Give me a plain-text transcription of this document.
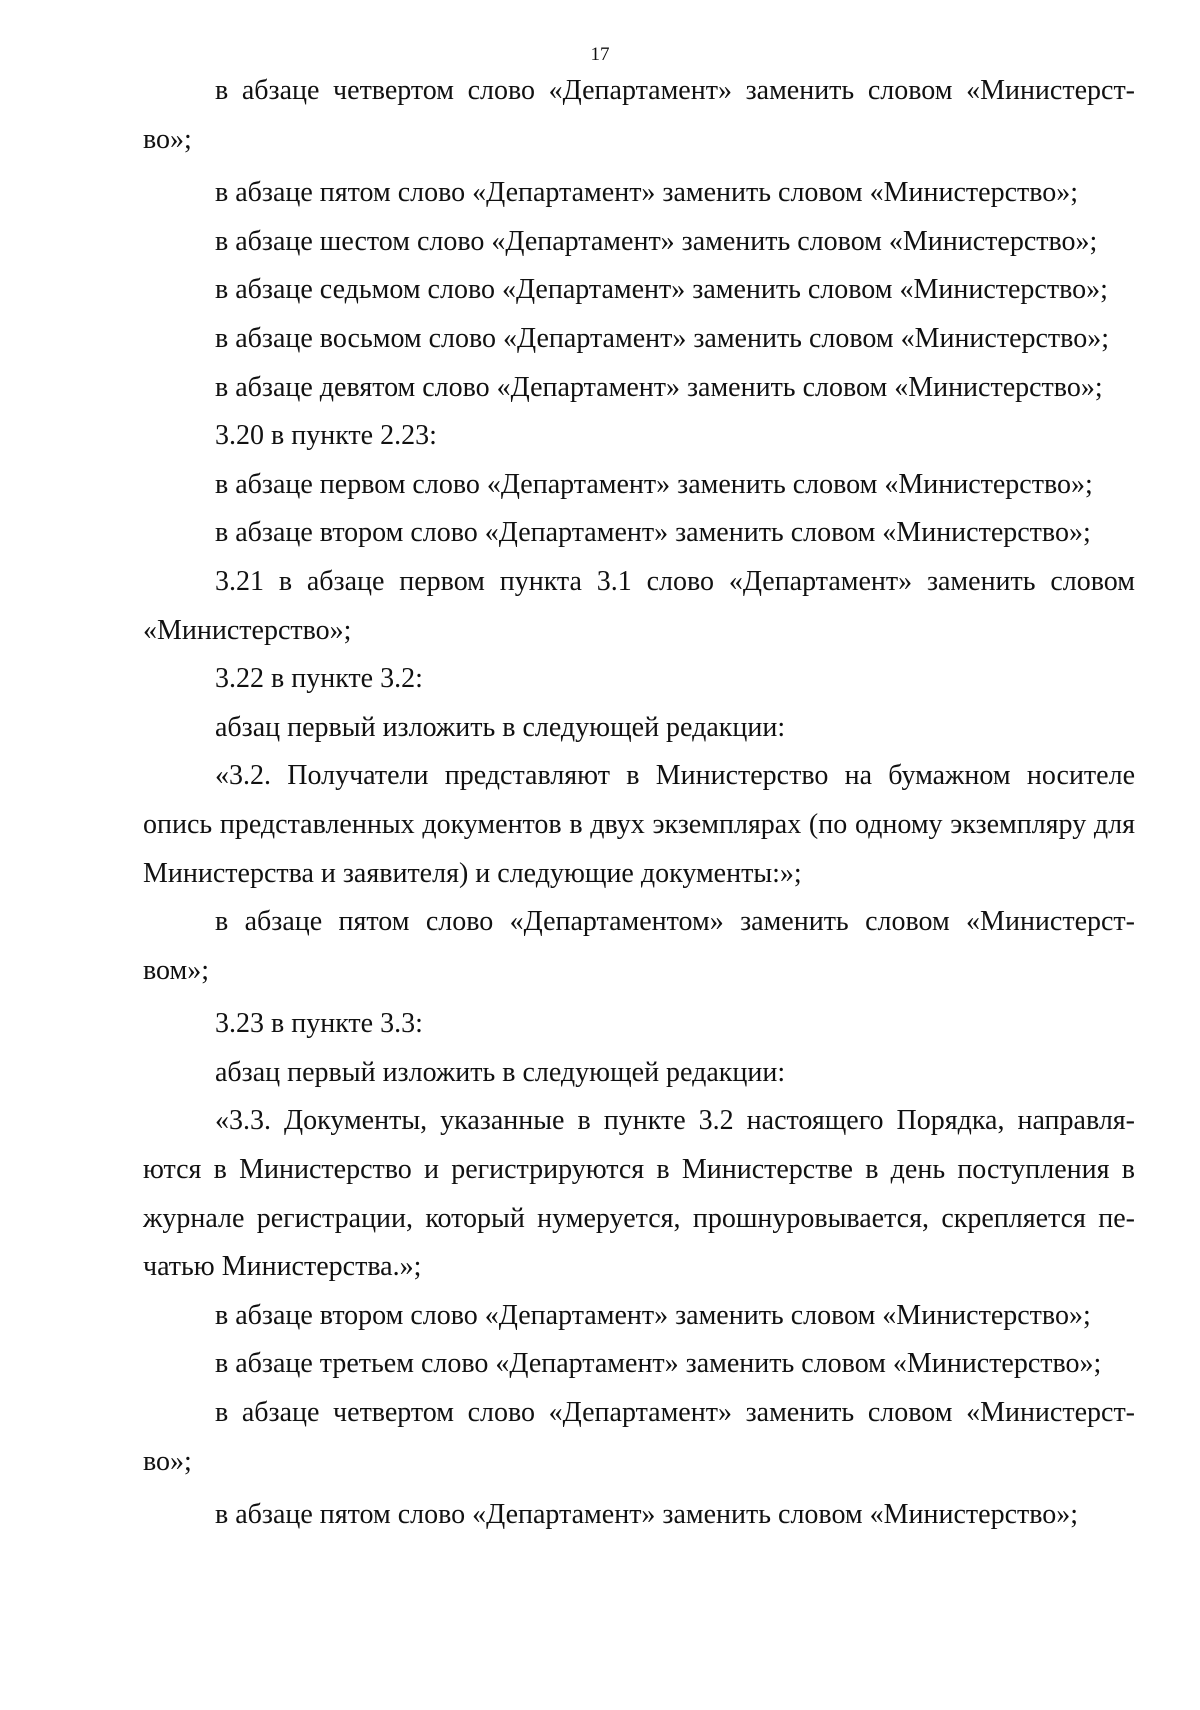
17

в абзаце четвертом слово «Департамент» заменить словом «Министерст-во»;

в абзаце пятом слово «Департамент» заменить словом «Министерство»;

в абзаце шестом слово «Департамент» заменить словом «Министерство»;

в абзаце седьмом слово «Департамент» заменить словом «Министерство»;

в абзаце восьмом слово «Департамент» заменить словом «Министерство»;

в абзаце девятом слово «Департамент» заменить словом «Министерство»;

3.20 в пункте 2.23:

в абзаце первом слово «Департамент» заменить словом «Министерство»;

в абзаце втором слово «Департамент» заменить словом «Министерство»;

3.21 в абзаце первом пункта 3.1 слово «Департамент» заменить словом «Министерство»;

3.22 в пункте 3.2:

абзац первый изложить в следующей редакции:

«3.2. Получатели представляют в Министерство на бумажном носителе опись представленных документов в двух экземплярах (по одному экземпляру для Министерства и заявителя) и следующие документы:»;

в абзаце пятом слово «Департаментом» заменить словом «Министерст-вом»;

3.23 в пункте 3.3:

абзац первый изложить в следующей редакции:

«3.3. Документы, указанные в пункте 3.2 настоящего Порядка, направля-ются в Министерство и регистрируются в Министерстве в день поступления в журнале регистрации, который нумеруется, прошнуровывается, скрепляется пе-чатью Министерства.»;

в абзаце втором слово «Департамент» заменить словом «Министерство»;

в абзаце третьем слово «Департамент» заменить словом «Министерство»;

в абзаце четвертом слово «Департамент» заменить словом «Министерст-во»;

в абзаце пятом слово «Департамент» заменить словом «Министерство»;
